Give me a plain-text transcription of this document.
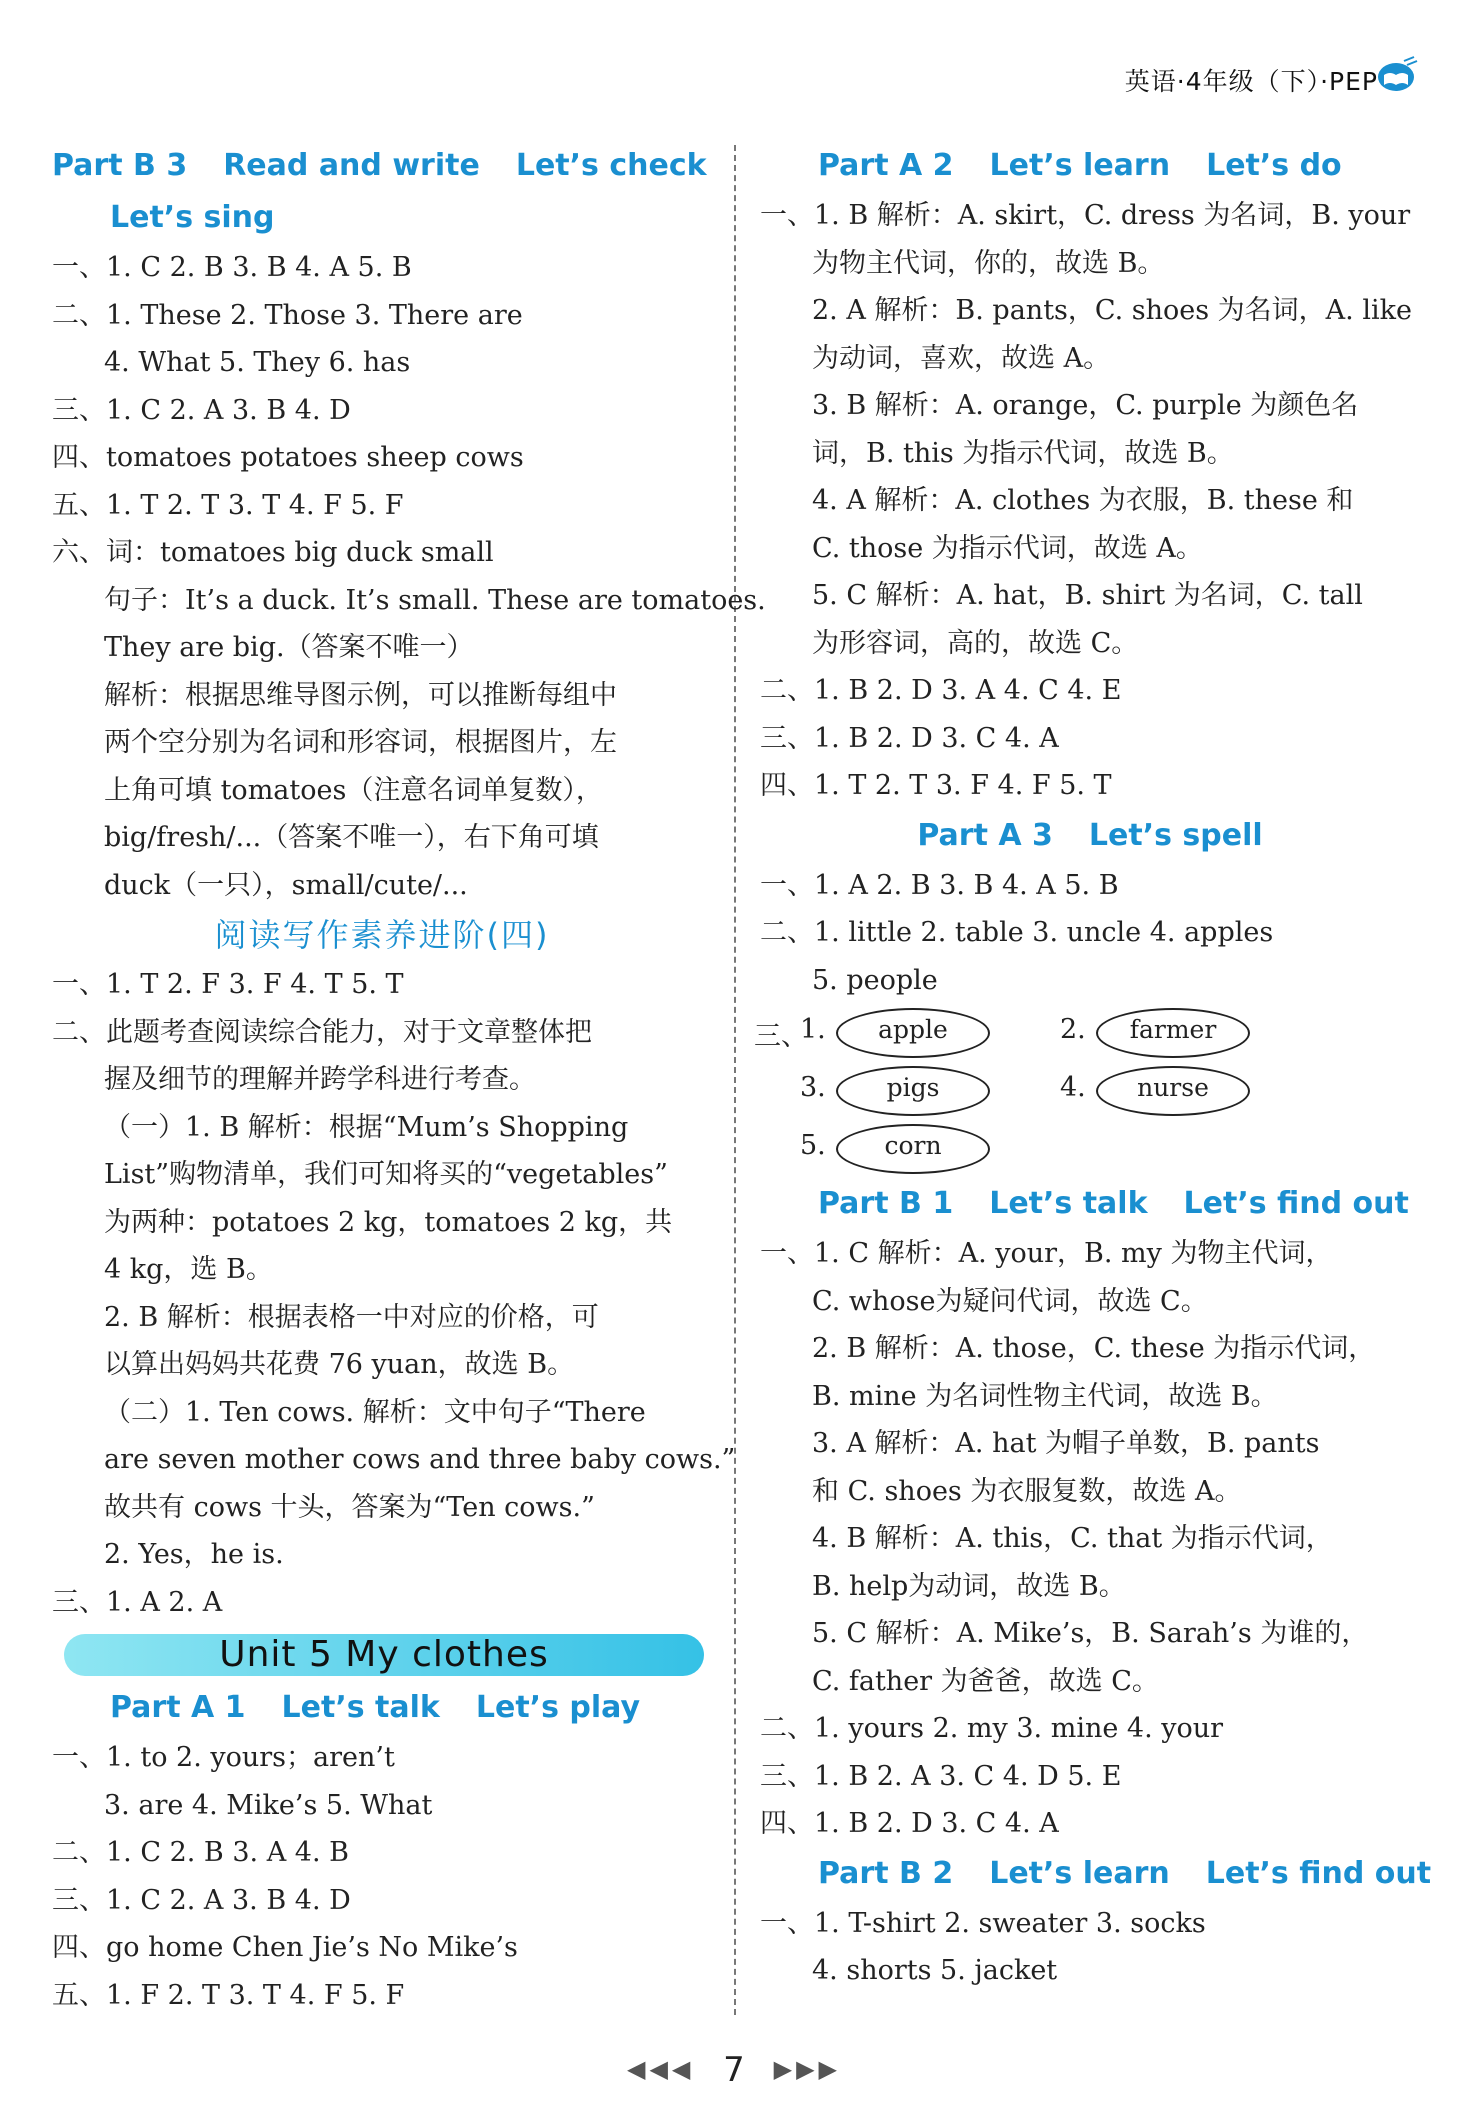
英语·4年级（下）·PEP
Part B 3 Read and write Let’s check
Let’s sing
一、1. C 2. B 3. B 4. A 5. B
二、1. These 2. Those 3. There are
4. What 5. They 6. has
三、1. C 2. A 3. B 4. D
四、tomatoes potatoes sheep cows
五、1. T 2. T 3. T 4. F 5. F
六、词：tomatoes big duck small
句子：It’s a duck. It’s small. These are tomatoes.
They are big.（答案不唯一）
解析：根据思维导图示例，可以推断每组中
两个空分别为名词和形容词，根据图片，左
上角可填 tomatoes（注意名词单复数），
big/fresh/...（答案不唯一），右下角可填
duck（一只），small/cute/...
阅读写作素养进阶(四)
一、1. T 2. F 3. F 4. T 5. T
二、此题考查阅读综合能力，对于文章整体把
握及细节的理解并跨学科进行考查。
（一）1. B 解析：根据“Mum’s Shopping
List”购物清单，我们可知将买的“vegetables”
为两种：potatoes 2 kg，tomatoes 2 kg，共
4 kg，选 B。
2. B 解析：根据表格一中对应的价格，可
以算出妈妈共花费 76 yuan，故选 B。
（二）1. Ten cows. 解析：文中句子“There
are seven mother cows and three baby cows.”
故共有 cows 十头，答案为“Ten cows.”
2. Yes，he is.
三、1. A 2. A
Unit 5 My clothes
Part A 1 Let’s talk Let’s play
一、1. to 2. yours；aren’t
3. are 4. Mike’s 5. What
二、1. C 2. B 3. A 4. B
三、1. C 2. A 3. B 4. D
四、go home Chen Jie’s No Mike’s
五、1. F 2. T 3. T 4. F 5. F
Part A 2 Let’s learn Let’s do
一、1. B 解析：A. skirt，C. dress 为名词，B. your
为物主代词，你的，故选 B。
2. A 解析：B. pants，C. shoes 为名词，A. like
为动词，喜欢，故选 A。
3. B 解析：A. orange，C. purple 为颜色名
词，B. this 为指示代词，故选 B。
4. A 解析：A. clothes 为衣服，B. these 和
C. those 为指示代词，故选 A。
5. C 解析：A. hat，B. shirt 为名词，C. tall
为形容词，高的，故选 C。
二、1. B 2. D 3. A 4. C 4. E
三、1. B 2. D 3. C 4. A
四、1. T 2. T 3. F 4. F 5. T
Part A 3 Let’s spell
一、1. A 2. B 3. B 4. A 5. B
二、1. little 2. table 3. uncle 4. apples
5. people
三、
1.	apple	2.	farmer
3.	pigs	4.	nurse
5.	corn
Part B 1 Let’s talk Let’s find out
一、1. C 解析：A. your，B. my 为物主代词，
C. whose为疑问代词，故选 C。
2. B 解析：A. those，C. these 为指示代词，
B. mine 为名词性物主代词，故选 B。
3. A 解析：A. hat 为帽子单数，B. pants
和 C. shoes 为衣服复数，故选 A。
4. B 解析：A. this，C. that 为指示代词，
B. help为动词，故选 B。
5. C 解析：A. Mike’s，B. Sarah’s 为谁的，
C. father 为爸爸，故选 C。
二、1. yours 2. my 3. mine 4. your
三、1. B 2. A 3. C 4. D 5. E
四、1. B 2. D 3. C 4. A
Part B 2 Let’s learn Let’s find out
一、1. T-shirt 2. sweater 3. socks
4. shorts 5. jacket
◀◀◀ 7 ▶▶▶
